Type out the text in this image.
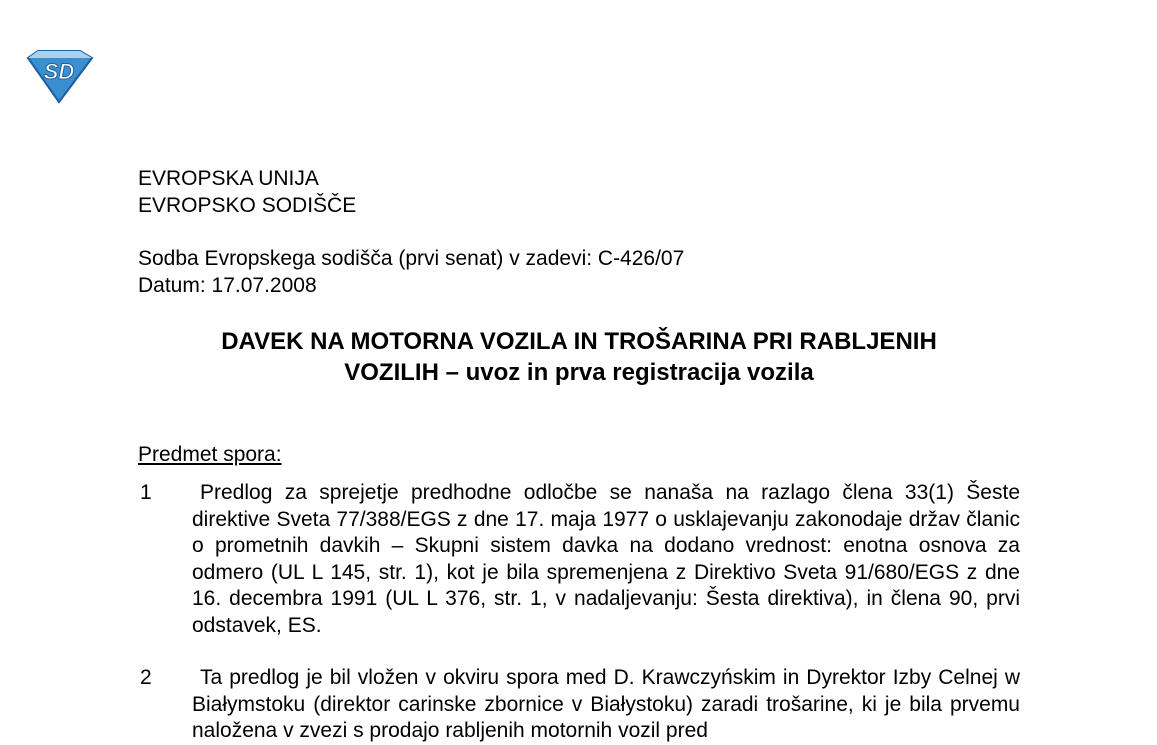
SD
EVROPSKA UNIJA
EVROPSKO SODIŠČE
Sodba Evropskega sodišča (prvi senat) v zadevi: C-426/07
Datum: 17.07.2008
DAVEK NA MOTORNA VOZILA IN TROŠARINA PRI RABLJENIH
VOZILIH – uvoz in prva registracija vozila
Predmet spora:
1	Predlog za sprejetje predhodne odločbe se nanaša na razlago člena 33(1) Šeste direktive Sveta 77/388/EGS z dne 17. maja 1977 o usklajevanju zakonodaje držav članic o prometnih davkih – Skupni sistem davka na dodano vrednost: enotna osnova za odmero (UL L 145, str. 1), kot je bila spremenjena z Direktivo Sveta 91/680/EGS z dne 16. decembra 1991 (UL L 376, str. 1, v nadaljevanju: Šesta direktiva), in člena 90, prvi odstavek, ES.
2	Ta predlog je bil vložen v okviru spora med D. Krawczyńskim in Dyrektor Izby Celnej w Białymstoku (direktor carinske zbornice v Białystoku) zaradi trošarine, ki je bila prvemu naložena v zvezi s prodajo rabljenih motornih vozil pred
